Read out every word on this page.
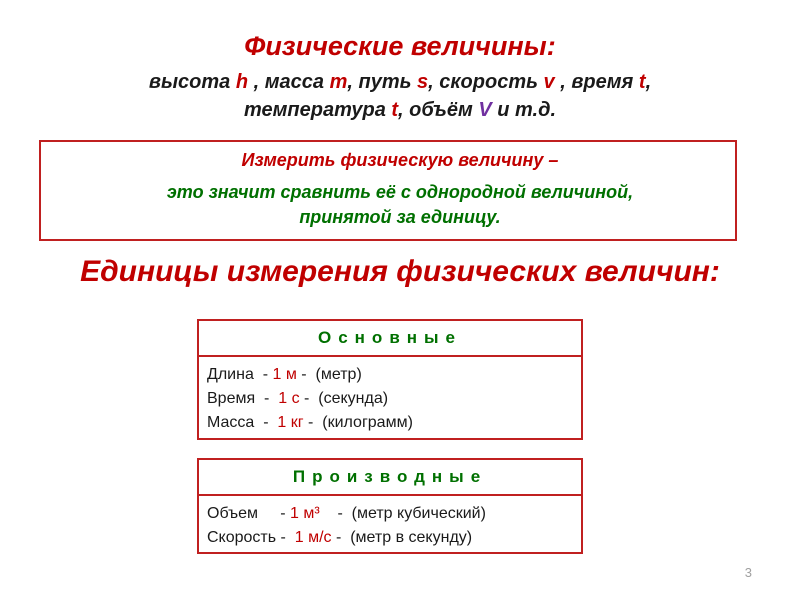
Физические величины:
высота h , масса m, путь s, скорость v , время t,
температура t, объём V и т.д.
Измерить физическую величину –
это значит сравнить её с однородной величиной,
принятой за единицу.
Единицы измерения физических величин:
Основные
Длина  - 1 м -  (метр)
Время  -  1 с -  (секунда)
Масса  -  1 кг -  (килограмм)
Производные
Объем     - 1 м³    -  (метр кубический)
Скорость -  1 м/с -  (метр в секунду)
3
